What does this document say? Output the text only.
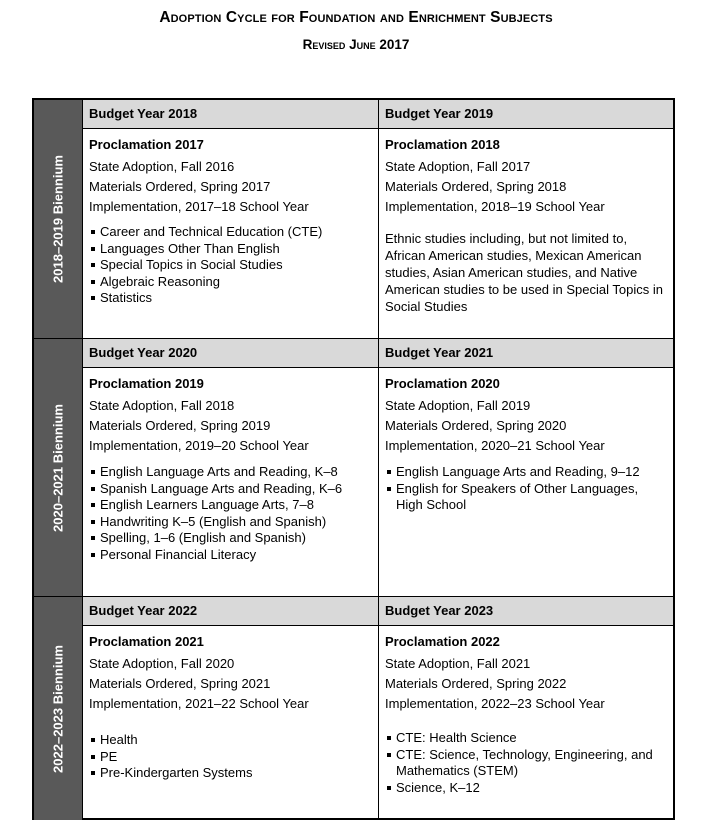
Adoption Cycle for Foundation and Enrichment Subjects
Revised June 2017
2018–2019 Biennium
Budget Year 2018
Proclamation 2017
State Adoption, Fall 2016
Materials Ordered, Spring 2017
Implementation, 2017–18 School Year
Career and Technical Education (CTE)
Languages Other Than English
Special Topics in Social Studies
Algebraic Reasoning
Statistics
Budget Year 2019
Proclamation 2018
State Adoption, Fall 2017
Materials Ordered, Spring 2018
Implementation, 2018–19 School Year
Ethnic studies including, but not limited to, African American studies, Mexican American studies, Asian American studies, and Native American studies to be used in Special Topics in Social Studies
2020–2021 Biennium
Budget Year 2020
Proclamation 2019
State Adoption, Fall 2018
Materials Ordered, Spring 2019
Implementation, 2019–20 School Year
English Language Arts and Reading, K–8
Spanish Language Arts and Reading, K–6
English Learners Language Arts, 7–8
Handwriting K–5 (English and Spanish)
Spelling, 1–6 (English and Spanish)
Personal Financial Literacy
Budget Year 2021
Proclamation 2020
State Adoption, Fall 2019
Materials Ordered, Spring 2020
Implementation, 2020–21 School Year
English Language Arts and Reading, 9–12
English for Speakers of Other Languages, High School
2022–2023 Biennium
Budget Year 2022
Proclamation 2021
State Adoption, Fall 2020
Materials Ordered, Spring 2021
Implementation, 2021–22 School Year
Health
PE
Pre-Kindergarten Systems
Budget Year 2023
Proclamation 2022
State Adoption, Fall 2021
Materials Ordered, Spring 2022
Implementation, 2022–23 School Year
CTE: Health Science
CTE: Science, Technology, Engineering, and Mathematics (STEM)
Science, K–12
